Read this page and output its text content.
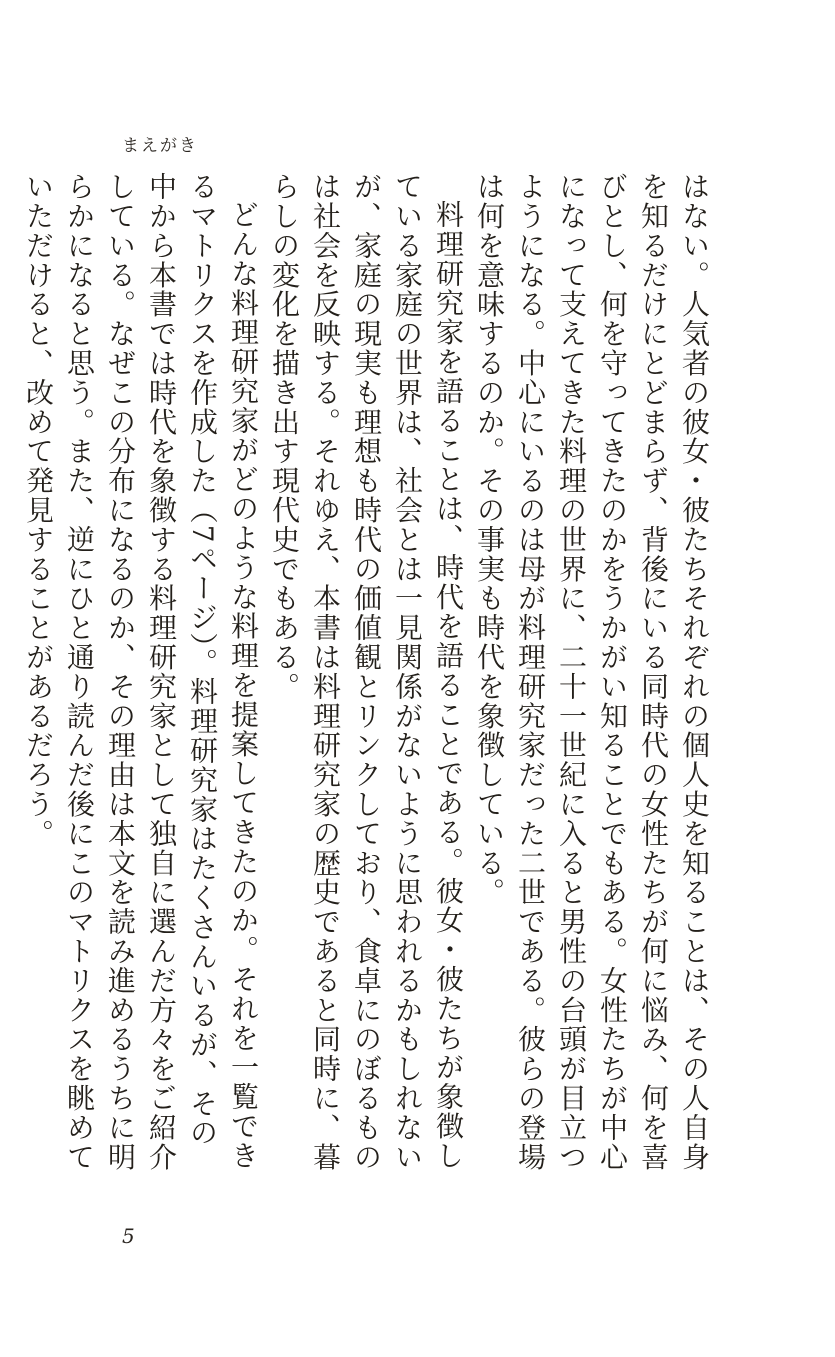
まえがき

はない。人気者の彼女・彼たちそれぞれの個人史を知ることは、その人自身を知るだけにとどまらず、背後にいる同時代の女性たちが何に悩み、何を喜びとし、何を守ってきたのかをうかがい知ることでもある。女性たちが中心になって支えてきた料理の世界に、二十一世紀に入ると男性の台頭が目立つようになる。中心にいるのは母が料理研究家だった二世である。彼らの登場は何を意味するのか。その事実も時代を象徴している。

料理研究家を語ることは、時代を語ることである。彼女・彼たちが象徴している家庭の世界は、社会とは一見関係がないように思われるかもしれないが、家庭の現実も理想も時代の価値観とリンクしており、食卓にのぼるものは社会を反映する。それゆえ、本書は料理研究家の歴史であると同時に、暮らしの変化を描き出す現代史でもある。

どんな料理研究家がどのような料理を提案してきたのか。それを一覧できるマトリクスを作成した（7ページ）。料理研究家はたくさんいるが、その中から本書では時代を象徴する料理研究家として独自に選んだ方々をご紹介している。なぜこの分布になるのか、その理由は本文を読み進めるうちに明らかになると思う。また、逆にひと通り読んだ後にこのマトリクスを眺めていただけると、改めて発見することがあるだろう。

5
